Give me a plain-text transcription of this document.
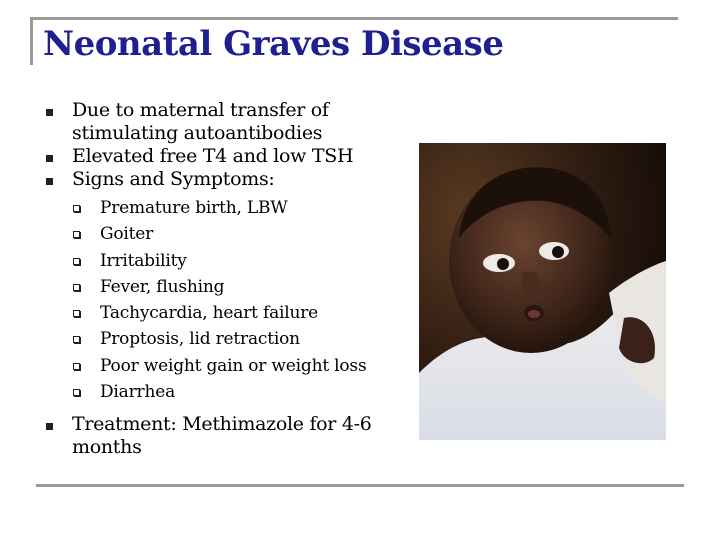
Neonatal Graves Disease
Due to maternal transfer of stimulating autoantibodies
Elevated free T4 and low TSH
Signs and Symptoms:
Premature birth, LBW
Goiter
Irritability
Fever, flushing
Tachycardia, heart failure
Proptosis, lid retraction
Poor weight gain or weight loss
Diarrhea
Treatment: Methimazole for 4-6 months
